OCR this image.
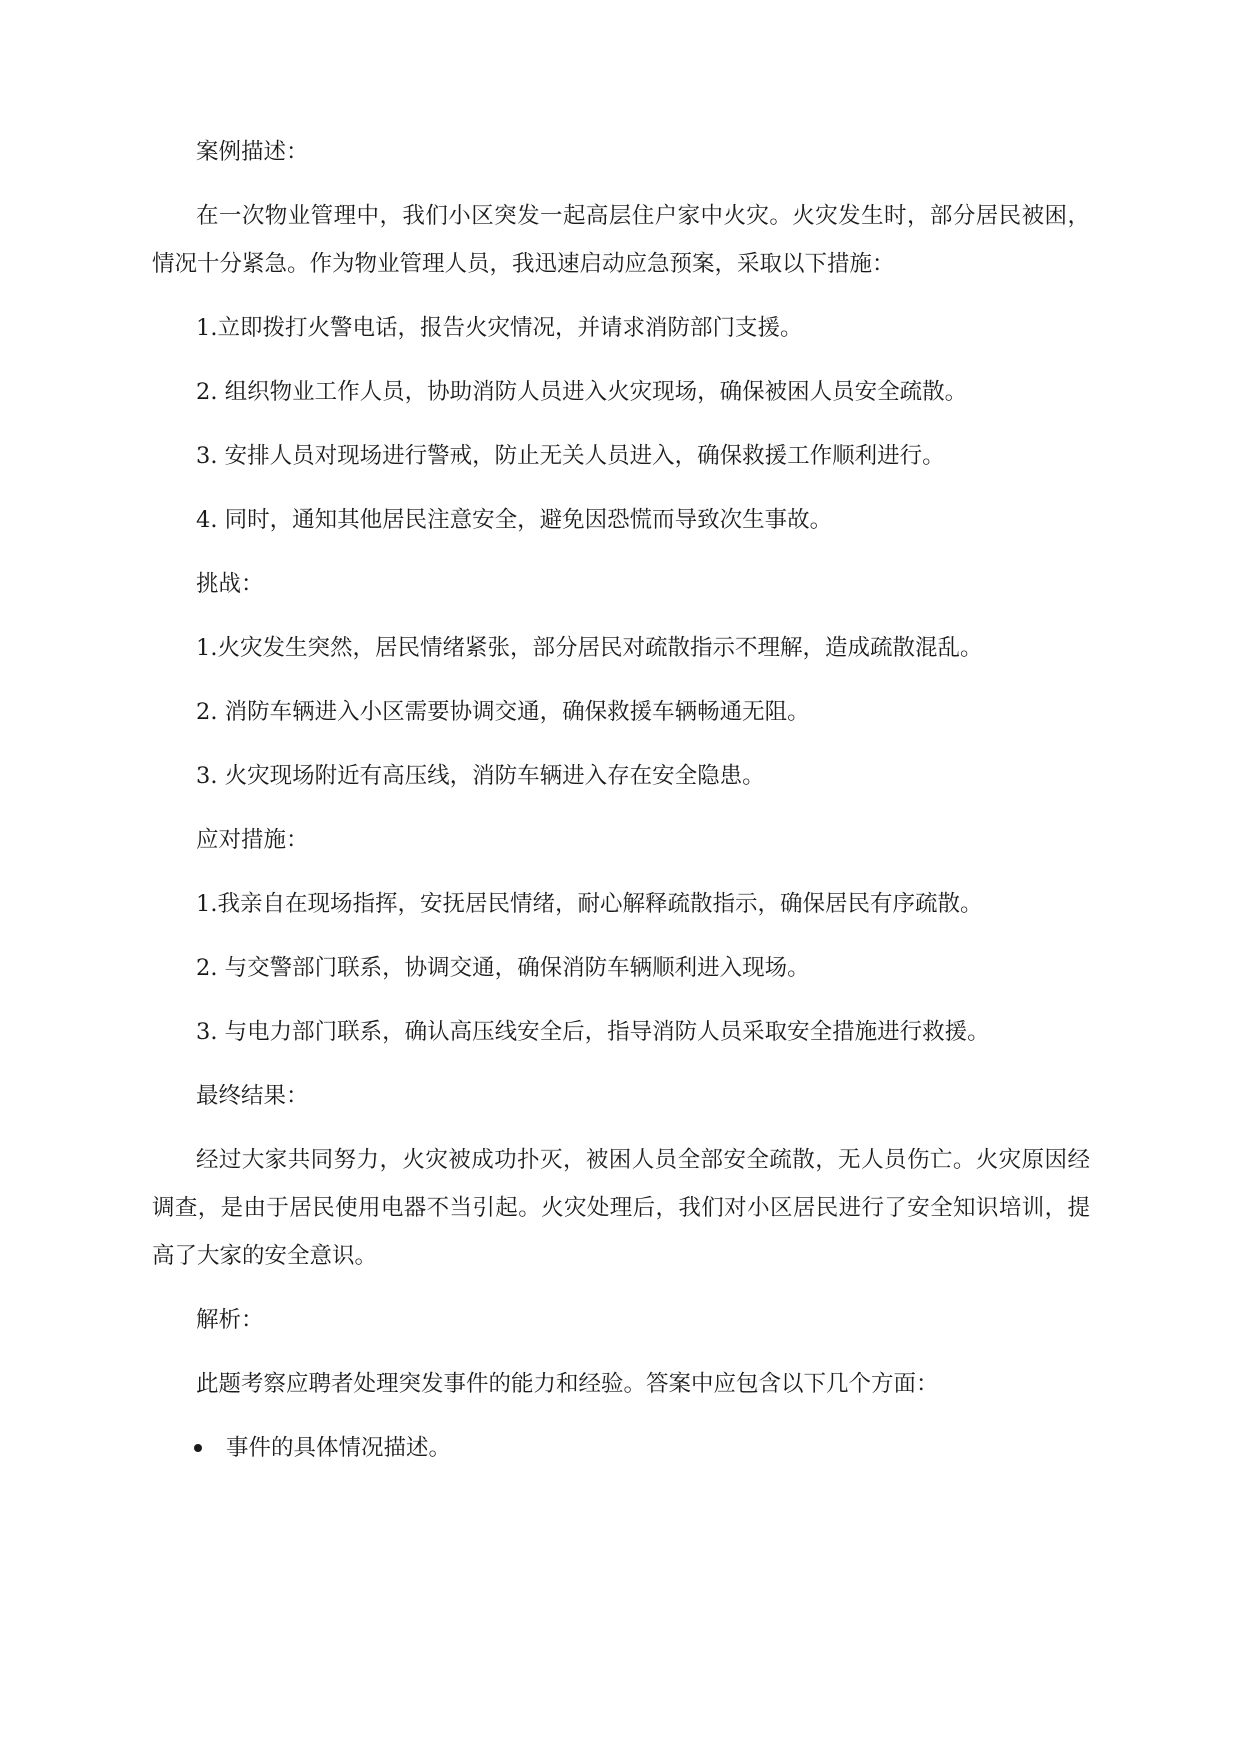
案例描述：

在一次物业管理中，我们小区突发一起高层住户家中火灾。火灾发生时，部分居民被困，情况十分紧急。作为物业管理人员，我迅速启动应急预案，采取以下措施：

1.立即拨打火警电话，报告火灾情况，并请求消防部门支援。

2. 组织物业工作人员，协助消防人员进入火灾现场，确保被困人员安全疏散。

3. 安排人员对现场进行警戒，防止无关人员进入，确保救援工作顺利进行。

4. 同时，通知其他居民注意安全，避免因恐慌而导致次生事故。

挑战：

1.火灾发生突然，居民情绪紧张，部分居民对疏散指示不理解，造成疏散混乱。

2. 消防车辆进入小区需要协调交通，确保救援车辆畅通无阻。

3. 火灾现场附近有高压线，消防车辆进入存在安全隐患。

应对措施：

1.我亲自在现场指挥，安抚居民情绪，耐心解释疏散指示，确保居民有序疏散。

2. 与交警部门联系，协调交通，确保消防车辆顺利进入现场。

3. 与电力部门联系，确认高压线安全后，指导消防人员采取安全措施进行救援。

最终结果：

经过大家共同努力，火灾被成功扑灭，被困人员全部安全疏散，无人员伤亡。火灾原因经调查，是由于居民使用电器不当引起。火灾处理后，我们对小区居民进行了安全知识培训，提高了大家的安全意识。

解析：

此题考察应聘者处理突发事件的能力和经验。答案中应包含以下几个方面：

事件的具体情况描述。
